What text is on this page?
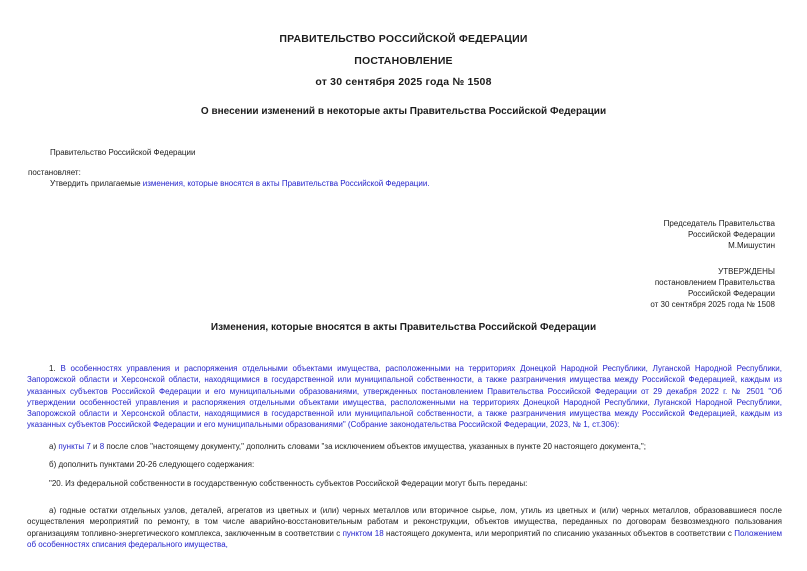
ПРАВИТЕЛЬСТВО РОССИЙСКОЙ ФЕДЕРАЦИИ
ПОСТАНОВЛЕНИЕ
от 30 сентября 2025 года № 1508
О внесении изменений в некоторые акты Правительства Российской Федерации
Правительство Российской Федерации
постановляет:
Утвердить прилагаемые изменения, которые вносятся в акты Правительства Российской Федерации.
Председатель Правительства
Российской Федерации
М.Мишустин
УТВЕРЖДЕНЫ
постановлением Правительства
Российской Федерации
от 30 сентября 2025 года № 1508
Изменения, которые вносятся в акты Правительства Российской Федерации
1. В особенностях управления и распоряжения отдельными объектами имущества, расположенными на территориях Донецкой Народной Республики, Луганской Народной Республики, Запорожской области и Херсонской области, находящимися в государственной или муниципальной собственности, а также разграничения имущества между Российской Федерацией, каждым из указанных субъектов Российской Федерации и его муниципальными образованиями, утвержденных постановлением Правительства Российской Федерации от 29 декабря 2022 г. № 2501 "Об утверждении особенностей управления и распоряжения отдельными объектами имущества, расположенными на территориях Донецкой Народной Республики, Луганской Народной Республики, Запорожской области и Херсонской области, находящимися в государственной или муниципальной собственности, а также разграничения имущества между Российской Федерацией, каждым из указанных субъектов Российской Федерации и его муниципальными образованиями" (Собрание законодательства Российской Федерации, 2023, № 1, ст.306):
а) пункты 7 и 8 после слов "настоящему документу," дополнить словами "за исключением объектов имущества, указанных в пункте 20 настоящего документа,";
б) дополнить пунктами 20-26 следующего содержания:
"20. Из федеральной собственности в государственную собственность субъектов Российской Федерации могут быть переданы:
а) годные остатки отдельных узлов, деталей, агрегатов из цветных и (или) черных металлов или вторичное сырье, лом, утиль из цветных и (или) черных металлов, образовавшиеся после осуществления мероприятий по ремонту, в том числе аварийно-восстановительным работам и реконструкции, объектов имущества, переданных по договорам безвозмездного пользования организациям топливно-энергетического комплекса, заключенным в соответствии с пунктом 18 настоящего документа, или мероприятий по списанию указанных объектов в соответствии с Положением об особенностях списания федерального имущества,
